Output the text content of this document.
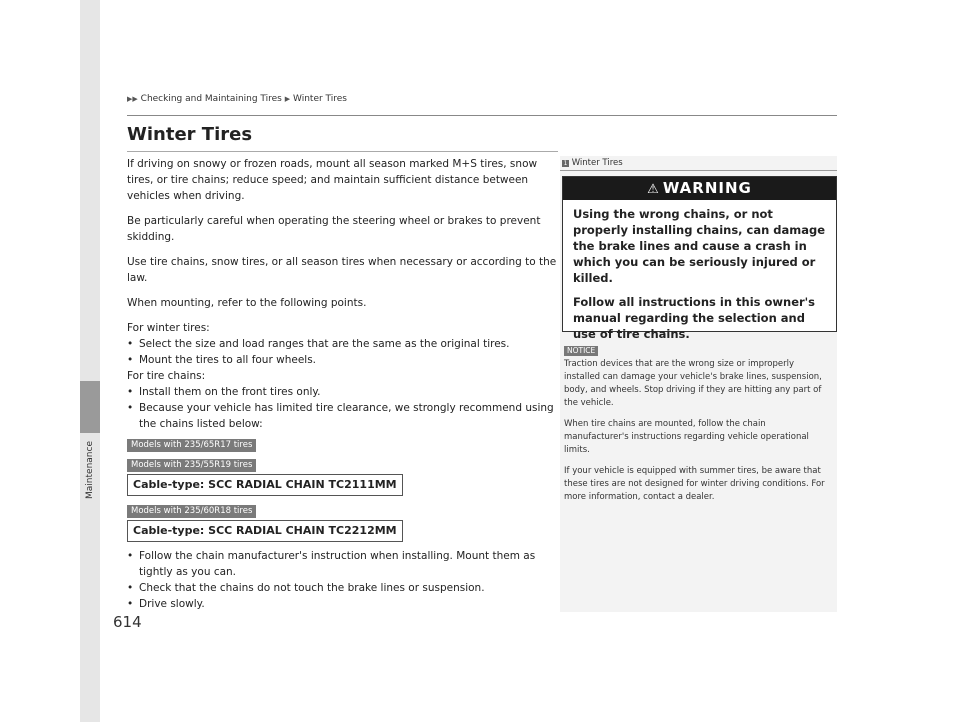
Maintenance
▶▶ Checking and Maintaining Tires ▶ Winter Tires
Winter Tires

If driving on snowy or frozen roads, mount all season marked M+S tires, snow tires, or tire chains; reduce speed; and maintain sufficient distance between vehicles when driving.

Be particularly careful when operating the steering wheel or brakes to prevent skidding.

Use tire chains, snow tires, or all season tires when necessary or according to the law.

When mounting, refer to the following points.

For winter tires:

• Select the size and load ranges that are the same as the original tires.
• Mount the tires to all four wheels.

For tire chains:

• Install them on the front tires only.
• Because your vehicle has limited tire clearance, we strongly recommend using the chains listed below:
Models with 235/65R17 tires
Models with 235/55R19 tires
Cable-type: SCC RADIAL CHAIN TC2111MM
Models with 235/60R18 tires
Cable-type: SCC RADIAL CHAIN TC2212MM
• Follow the chain manufacturer's instruction when installing. Mount them as tightly as you can.
• Check that the chains do not touch the brake lines or suspension.
• Drive slowly.
1 Winter Tires
⚠ WARNING

Using the wrong chains, or not properly installing chains, can damage the brake lines and cause a crash in which you can be seriously injured or killed.

Follow all instructions in this owner's manual regarding the selection and use of tire chains.

NOTICE

Traction devices that are the wrong size or improperly installed can damage your vehicle's brake lines, suspension, body, and wheels. Stop driving if they are hitting any part of the vehicle.

When tire chains are mounted, follow the chain manufacturer's instructions regarding vehicle operational limits.

If your vehicle is equipped with summer tires, be aware that these tires are not designed for winter driving conditions. For more information, contact a dealer.

614
